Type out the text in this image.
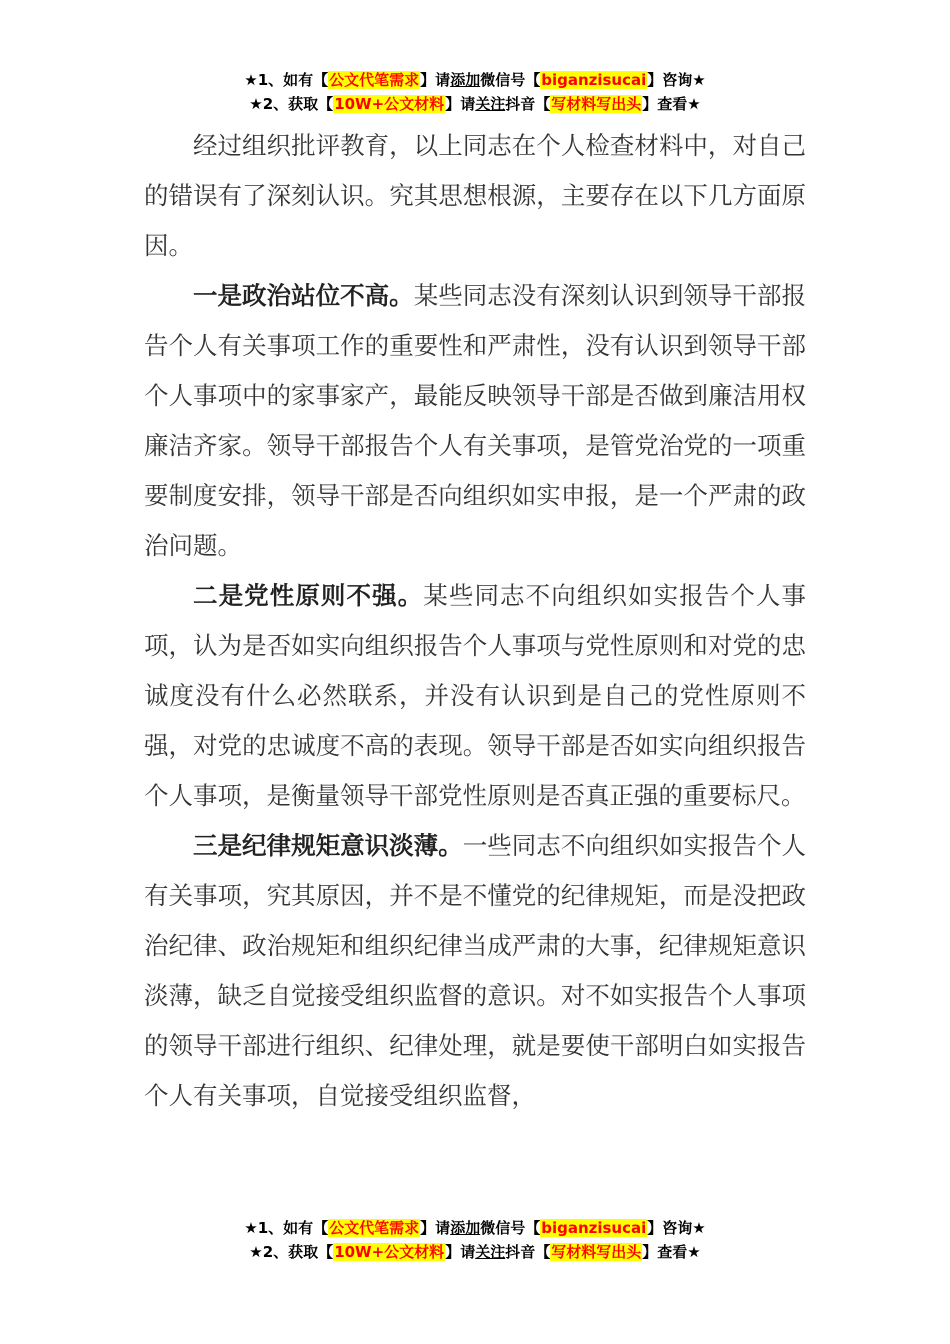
★1、如有【公文代笔需求】请添加微信号【biganzisucai】咨询★
★2、获取【10W+公文材料】请关注抖音【写材料写出头】查看★

经过组织批评教育，以上同志在个人检查材料中，对自己的错误有了深刻认识。究其思想根源，主要存在以下几方面原因。

一是政治站位不高。某些同志没有深刻认识到领导干部报告个人有关事项工作的重要性和严肃性，没有认识到领导干部个人事项中的家事家产，最能反映领导干部是否做到廉洁用权廉洁齐家。领导干部报告个人有关事项，是管党治党的一项重要制度安排，领导干部是否向组织如实申报，是一个严肃的政治问题。

二是党性原则不强。某些同志不向组织如实报告个人事项，认为是否如实向组织报告个人事项与党性原则和对党的忠诚度没有什么必然联系，并没有认识到是自己的党性原则不强，对党的忠诚度不高的表现。领导干部是否如实向组织报告个人事项，是衡量领导干部党性原则是否真正强的重要标尺。

三是纪律规矩意识淡薄。一些同志不向组织如实报告个人有关事项，究其原因，并不是不懂党的纪律规矩，而是没把政治纪律、政治规矩和组织纪律当成严肃的大事，纪律规矩意识淡薄，缺乏自觉接受组织监督的意识。对不如实报告个人事项的领导干部进行组织、纪律处理，就是要使干部明白如实报告个人有关事项，自觉接受组织监督，

★1、如有【公文代笔需求】请添加微信号【biganzisucai】咨询★
★2、获取【10W+公文材料】请关注抖音【写材料写出头】查看★
